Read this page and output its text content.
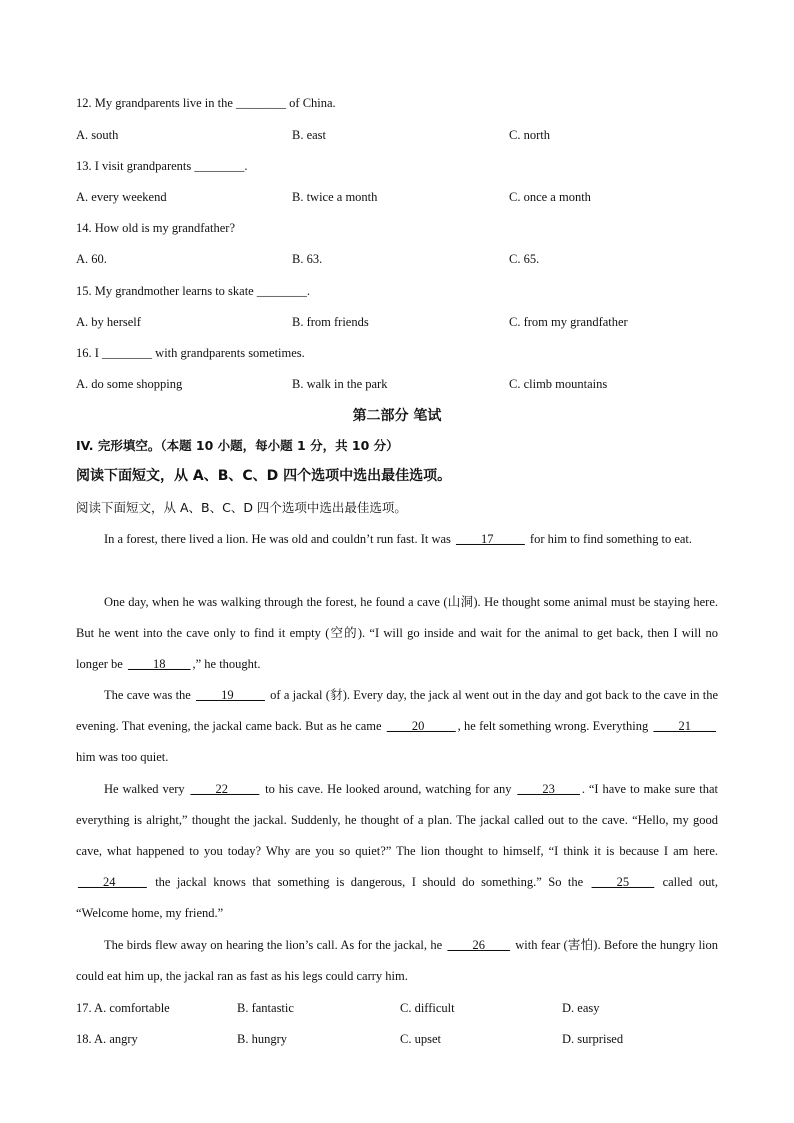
12. My grandparents live in the ________ of China.
A. south	B. east	C. north
13. I visit grandparents ________.
A. every weekend	B. twice a month	C. once a month
14. How old is my grandfather?
A. 60.	B. 63.	C. 65.
15. My grandmother learns to skate ________.
A. by herself	B. from friends	C. from my grandfather
16. I ________ with grandparents sometimes.
A. do some shopping	B. walk in the park	C. climb mountains
第二部分 笔试
IV. 完形填空。（本题 10 小题，每小题 1 分，共 10 分）
阅读下面短文，从 A、B、C、D 四个选项中选出最佳选项。
阅读下面短文，从 A、B、C、D 四个选项中选出最佳选项。
In a forest, there lived a lion. He was old and couldn’t run fast. It was ____17_____ for him to find something to eat.
One day, when he was walking through the forest, he found a cave (山洞). He thought some animal must be staying here. But he went into the cave only to find it empty (空的). “I will go inside and wait for the animal to get back, then I will no longer be ____18____ ,” he thought.
The cave was the ____19_____ of a jackal (豺). Every day, the jack al went out in the day and got back to the cave in the evening. That evening, the jackal came back. But as he came ____20_____ , he felt something wrong. Everything ____21____ him was too quiet.
He walked very ____22_____ to his cave. He looked around, watching for any ____23____ . “I have to make sure that everything is alright,” thought the jackal. Suddenly, he thought of a plan. The jackal called out to the cave. “Hello, my good cave, what happened to you today? Why are you so quiet?” The lion thought to himself, “I think it is because I am here. ____24_____ the jackal knows that something is dangerous, I should do something.” So the ____25____ called out, “Welcome home, my friend.”
The birds flew away on hearing the lion’s call. As for the jackal, he ____26____ with fear (害怕). Before the hungry lion could eat him up, the jackal ran as fast as his legs could carry him.
17. A. comfortable	B. fantastic	C. difficult	D. easy
18. A. angry	B. hungry	C. upset	D. surprised
